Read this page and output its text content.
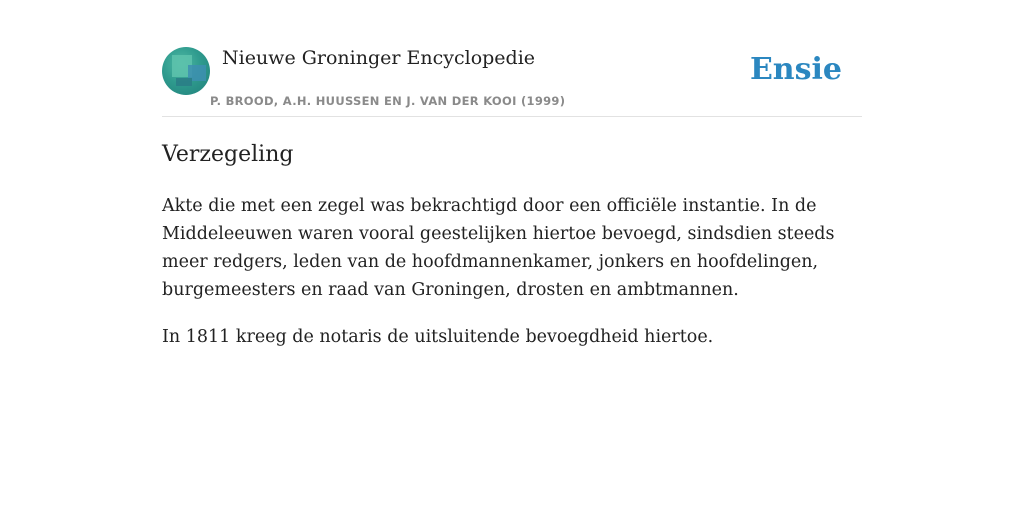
Nieuwe Groninger Encyclopedie
P. BROOD, A.H. HUUSSEN EN J. VAN DER KOOI (1999)
Ensie
Verzegeling

Akte die met een zegel was bekrachtigd door een officiële instantie. In de Middeleeuwen waren vooral geestelijken hiertoe bevoegd, sindsdien steeds meer redgers, leden van de hoofdmannenkamer, jonkers en hoofdelingen, burgemeesters en raad van Groningen, drosten en ambtmannen.

In 1811 kreeg de notaris de uitsluitende bevoegdheid hiertoe.
